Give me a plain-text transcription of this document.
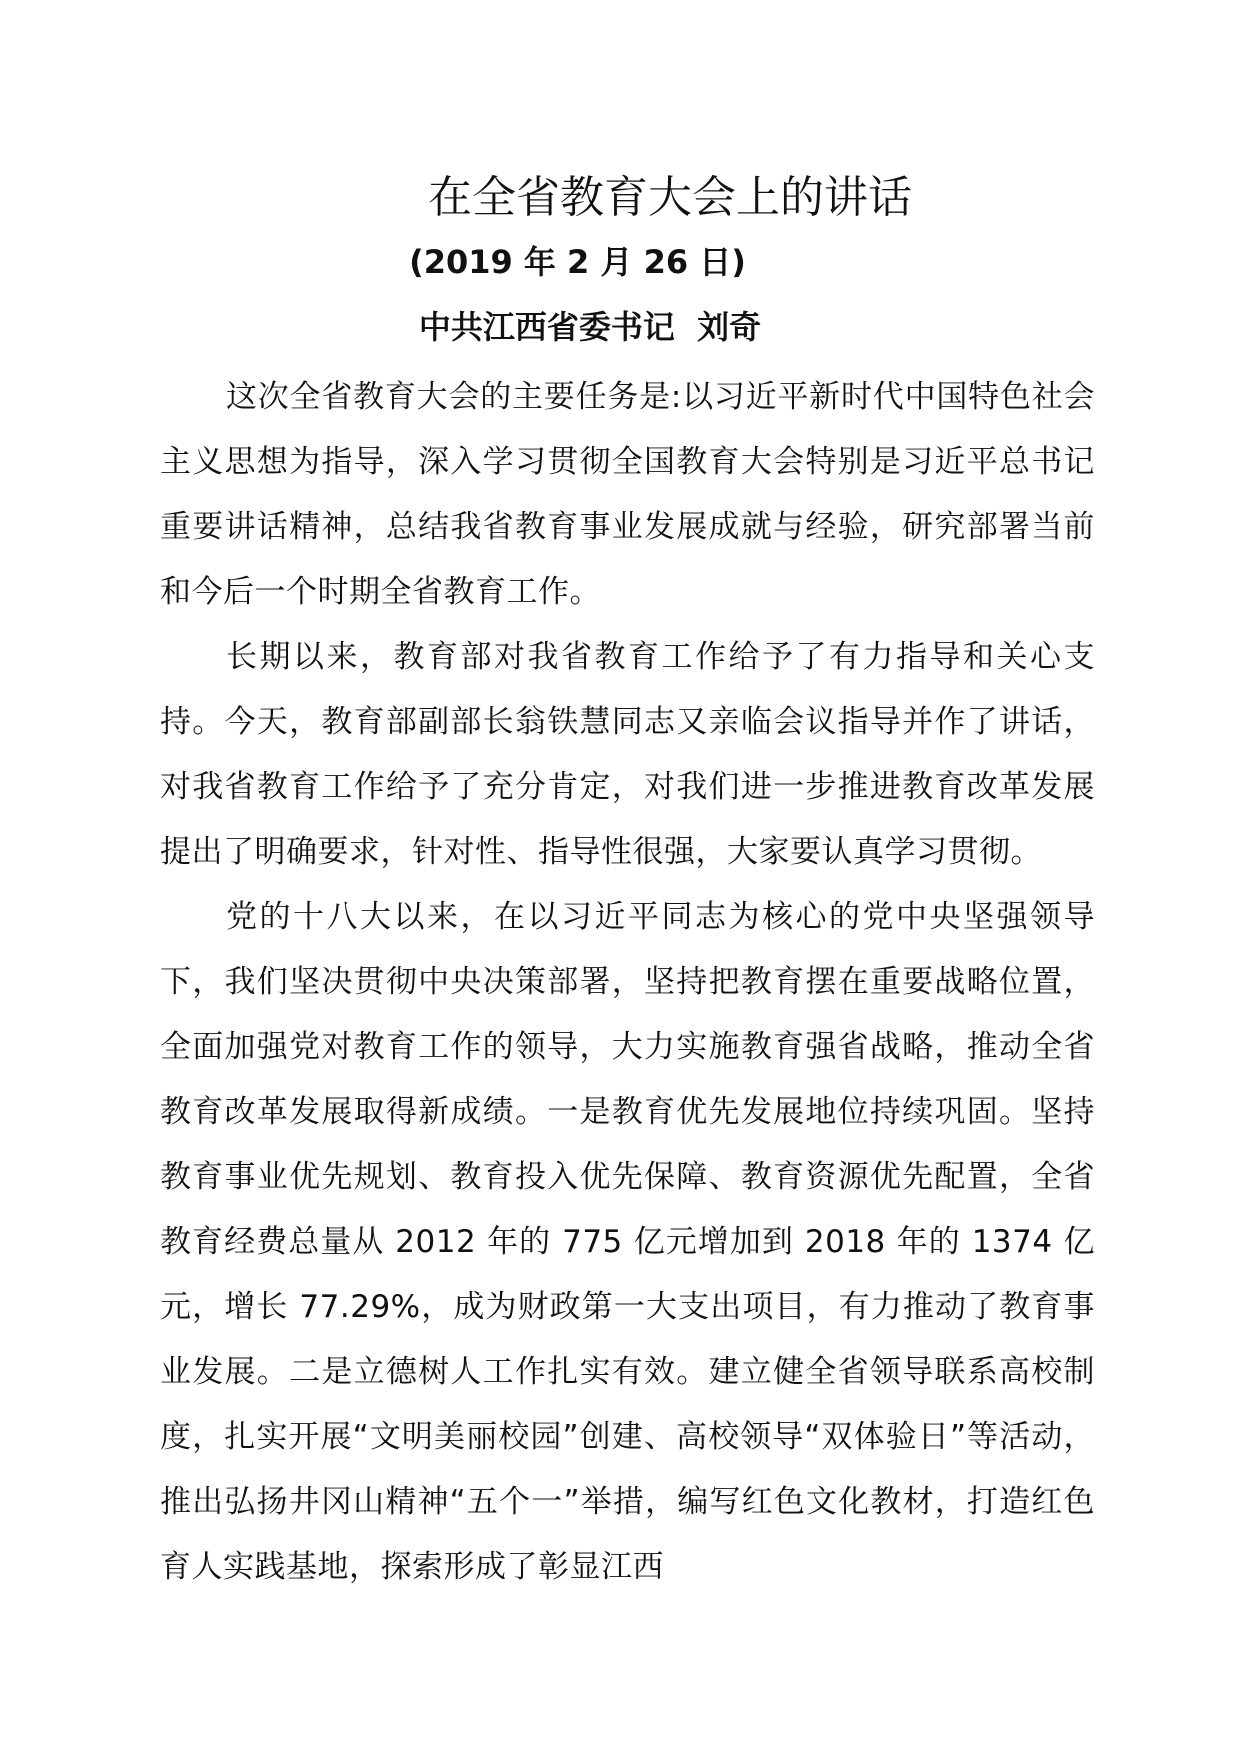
在全省教育大会上的讲话
(2019 年 2 月 26 日)
中共江西省委书记  刘奇

这次全省教育大会的主要任务是:以习近平新时代中国特色社会主义思想为指导，深入学习贯彻全国教育大会特别是习近平总书记重要讲话精神，总结我省教育事业发展成就与经验，研究部署当前和今后一个时期全省教育工作。

长期以来，教育部对我省教育工作给予了有力指导和关心支持。今天，教育部副部长翁铁慧同志又亲临会议指导并作了讲话，对我省教育工作给予了充分肯定，对我们进一步推进教育改革发展提出了明确要求，针对性、指导性很强，大家要认真学习贯彻。

党的十八大以来，在以习近平同志为核心的党中央坚强领导下，我们坚决贯彻中央决策部署，坚持把教育摆在重要战略位置，全面加强党对教育工作的领导，大力实施教育强省战略，推动全省教育改革发展取得新成绩。一是教育优先发展地位持续巩固。坚持教育事业优先规划、教育投入优先保障、教育资源优先配置，全省教育经费总量从 2012 年的 775 亿元增加到 2018 年的 1374 亿元，增长 77.29%，成为财政第一大支出项目，有力推动了教育事业发展。二是立德树人工作扎实有效。建立健全省领导联系高校制度，扎实开展“文明美丽校园”创建、高校领导“双体验日”等活动，推出弘扬井冈山精神“五个一”举措，编写红色文化教材，打造红色育人实践基地，探索形成了彰显江西
